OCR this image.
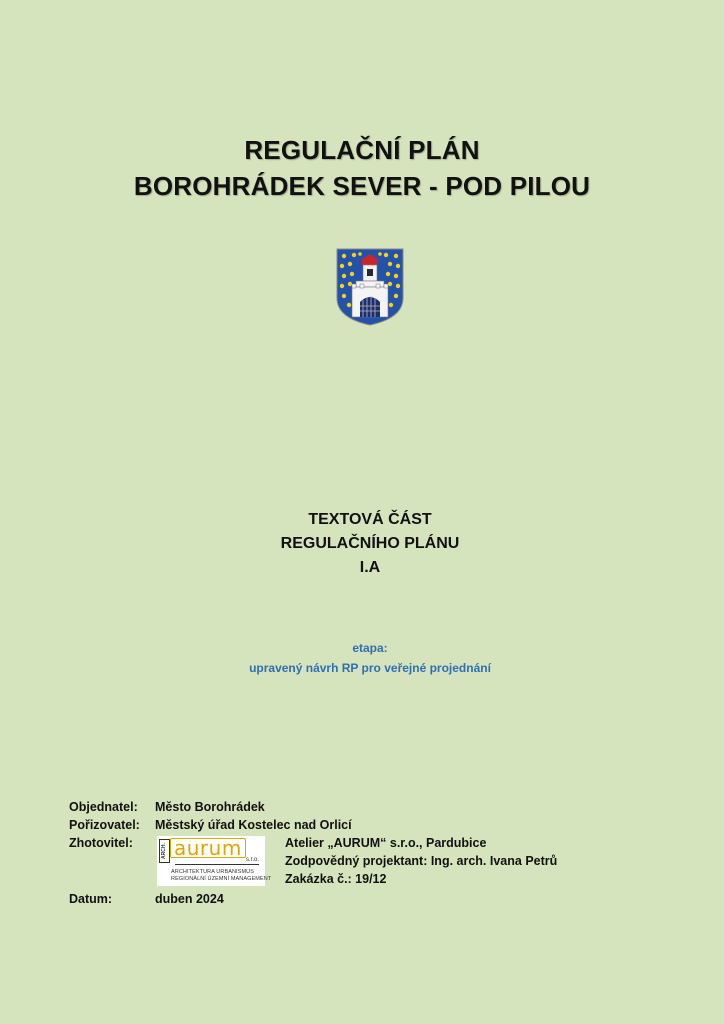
REGULAČNÍ PLÁN
BOROHRÁDEK SEVER - POD PILOU
TEXTOVÁ ČÁST
REGULAČNÍHO PLÁNU
I.A
etapa:
upravený návrh RP pro veřejné projednání
Objednatel: Město Borohrádek
Pořizovatel: Městský úřad Kostelec nad Orlicí
Zhotovitel:
ARCH. aurum s.r.o.
ARCHITEKTURA URBANISMUS
REGIONÁLNÍ ÚZEMNÍ MANAGEMENT
Atelier „AURUM“ s.r.o., Pardubice
Zodpovědný projektant: Ing. arch. Ivana Petrů
Zakázka č.: 19/12
Datum:	duben 2024
